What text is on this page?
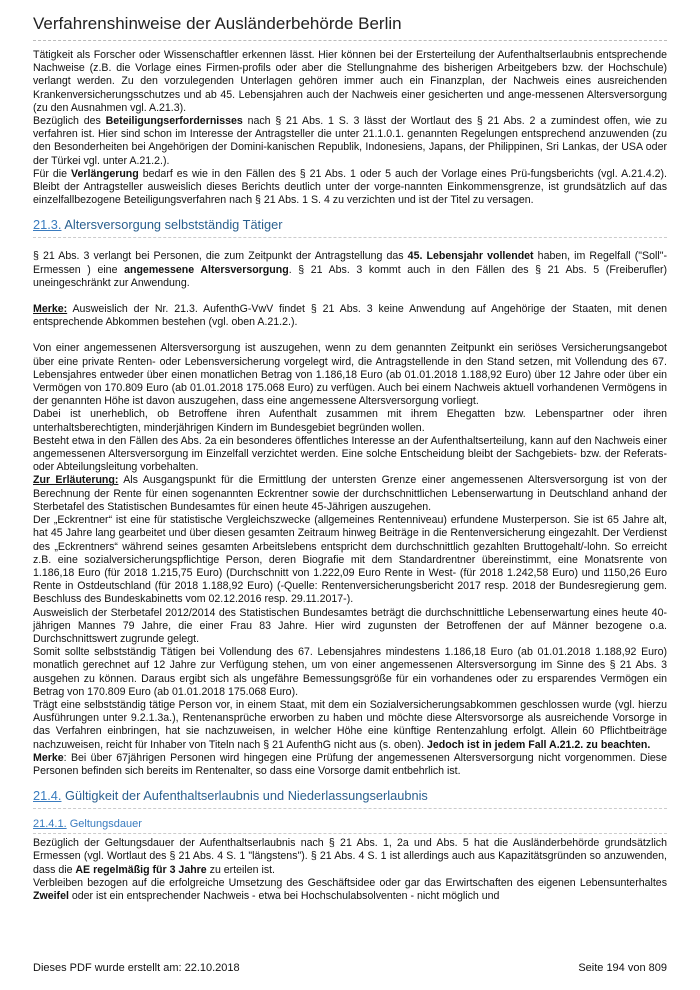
Verfahrenshinweise der Ausländerbehörde Berlin

Tätigkeit als Forscher oder Wissenschaftler erkennen lässt. Hier können bei der Ersterteilung der Aufenthaltserlaubnis entsprechende Nachweise (z.B. die Vorlage eines Firmen-profils oder aber die Stellungnahme des bisherigen Arbeitgebers bzw. der Hochschule) verlangt werden. Zu den vorzulegenden Unterlagen gehören immer auch ein Finanzplan, der Nachweis eines ausreichenden Krankenversicherungsschutzes und ab 45. Lebensjahren auch der Nachweis einer gesicherten und ange-messenen Altersversorgung (zu den Ausnahmen vgl. A.21.3).

Bezüglich des Beteiligungserfordernisses nach § 21 Abs. 1 S. 3 lässt der Wortlaut des § 21 Abs. 2 a zumindest offen, wie zu verfahren ist. Hier sind schon im Interesse der Antragsteller die unter 21.1.0.1. genannten Regelungen entsprechend anzuwenden (zu den Besonderheiten bei Angehörigen der Domini-kanischen Republik, Indonesiens, Japans, der Philippinen, Sri Lankas, der USA oder der Türkei vgl. unter A.21.2.).

Für die Verlängerung bedarf es wie in den Fällen des § 21 Abs. 1 oder 5 auch der Vorlage eines Prü-fungsberichts (vgl. A.21.4.2). Bleibt der Antragsteller ausweislich dieses Berichts deutlich unter der vorge-nannten Einkommensgrenze, ist grundsätzlich auf das einzelfallbezogene Beteiligungsverfahren nach § 21 Abs. 1 S. 4 zu verzichten und ist der Titel zu versagen.

21.3. Altersversorgung selbstständig Tätiger

§ 21 Abs. 3 verlangt bei Personen, die zum Zeitpunkt der Antragstellung das 45. Lebensjahr vollendet haben, im Regelfall ("Soll"-Ermessen ) eine angemessene Altersversorgung. § 21 Abs. 3 kommt auch in den Fällen des § 21 Abs. 5 (Freiberufler) uneingeschränkt zur Anwendung.

Merke: Ausweislich der Nr. 21.3. AufenthG-VwV findet § 21 Abs. 3 keine Anwendung auf Angehörige der Staaten, mit denen entsprechende Abkommen bestehen (vgl. oben A.21.2.).

Von einer angemessenen Altersversorgung ist auszugehen, wenn zu dem genannten Zeitpunkt ein seriöses Versicherungsangebot über eine private Renten- oder Lebensversicherung vorgelegt wird, die Antragstellende in den Stand setzen, mit Vollendung des 67. Lebensjahres entweder über einen monatlichen Betrag von 1.186,18 Euro (ab 01.01.2018 1.188,92 Euro) über 12 Jahre oder über ein Vermögen von 170.809 Euro (ab 01.01.2018 175.068 Euro) zu verfügen. Auch bei einem Nachweis aktuell vorhandenen Vermögens in der genannten Höhe ist davon auszugehen, dass eine angemessene Altersversorgung vorliegt.

Dabei ist unerheblich, ob Betroffene ihren Aufenthalt zusammen mit ihrem Ehegatten bzw. Lebenspartner oder ihren unterhaltsberechtigten, minderjährigen Kindern im Bundesgebiet begründen wollen.

Besteht etwa in den Fällen des Abs. 2a ein besonderes öffentliches Interesse an der Aufenthaltserteilung, kann auf den Nachweis einer angemessenen Altersversorgung im Einzelfall verzichtet werden. Eine solche Entscheidung bleibt der Sachgebiets- bzw. der Referats- oder Abteilungsleitung vorbehalten.

Zur Erläuterung: Als Ausgangspunkt für die Ermittlung der untersten Grenze einer angemessenen Altersversorgung ist von der Berechnung der Rente für einen sogenannten Eckrentner sowie der durchschnittlichen Lebenserwartung in Deutschland anhand der Sterbetafel des Statistischen Bundesamtes für einen heute 45-Jährigen auszugehen.

Der „Eckrentner“ ist eine für statistische Vergleichszwecke (allgemeines Rentenniveau) erfundene Musterperson. Sie ist 65 Jahre alt, hat 45 Jahre lang gearbeitet und über diesen gesamten Zeitraum hinweg Beiträge in die Rentenversicherung eingezahlt. Der Verdienst des „Eckrentners“ während seines gesamten Arbeitslebens entspricht dem durchschnittlich gezahlten Bruttogehalt/-lohn. So erreicht z.B. eine sozialversicherungspflichtige Person, deren Biografie mit dem Standardrentner übereinstimmt, eine Monatsrente von 1.186,18 Euro (für 2018 1.215,75 Euro) (Durchschnitt von 1.222,09 Euro Rente in West- (für 2018 1.242,58 Euro) und 1150,26 Euro Rente in Ostdeutschland (für 2018 1.188,92 Euro) (-Quelle: Rentenversicherungsbericht 2017 resp. 2018 der Bundesregierung gem. Beschluss des Bundeskabinetts vom 02.12.2016 resp. 29.11.2017-).

Ausweislich der Sterbetafel 2012/2014 des Statistischen Bundesamtes beträgt die durchschnittliche Lebenserwartung eines heute 40-jährigen Mannes 79 Jahre, die einer Frau 83 Jahre. Hier wird zugunsten der Betroffenen der auf Männer bezogene o.a. Durchschnittswert zugrunde gelegt.

Somit sollte selbstständig Tätigen bei Vollendung des 67. Lebensjahres mindestens 1.186,18 Euro (ab 01.01.2018 1.188,92 Euro) monatlich gerechnet auf 12 Jahre zur Verfügung stehen, um von einer angemessenen Altersversorgung im Sinne des § 21 Abs. 3 ausgehen zu können. Daraus ergibt sich als ungefähre Bemessungsgröße für ein vorhandenes oder zu ersparendes Vermögen ein Betrag von 170.809 Euro (ab 01.01.2018 175.068 Euro).

Trägt eine selbstständig tätige Person vor, in einem Staat, mit dem ein Sozialversicherungsabkommen geschlossen wurde (vgl. hierzu Ausführungen unter 9.2.1.3a.), Rentenansprüche erworben zu haben und möchte diese Altersvorsorge als ausreichende Vorsorge in das Verfahren einbringen, hat sie nachzuweisen, in welcher Höhe eine künftige Rentenzahlung erfolgt. Allein 60 Pflichtbeiträge nachzuweisen, reicht für Inhaber von Titeln nach § 21 AufenthG nicht aus (s. oben). Jedoch ist in jedem Fall A.21.2. zu beachten.

Merke: Bei über 67jährigen Personen wird hingegen eine Prüfung der angemessenen Altersversorgung nicht vorgenommen. Diese Personen befinden sich bereits im Rentenalter, so dass eine Vorsorge damit entbehrlich ist.

21.4. Gültigkeit der Aufenthaltserlaubnis und Niederlassungserlaubnis
21.4.1. Geltungsdauer

Bezüglich der Geltungsdauer der Aufenthaltserlaubnis nach § 21 Abs. 1, 2a und Abs. 5 hat die Ausländerbehörde grundsätzlich Ermessen (vgl. Wortlaut des § 21 Abs. 4 S. 1 "längstens"). § 21 Abs. 4 S. 1 ist allerdings auch aus Kapazitätsgründen so anzuwenden, dass die AE regelmäßig für 3 Jahre zu erteilen ist.

Verbleiben bezogen auf die erfolgreiche Umsetzung des Geschäftsidee oder gar das Erwirtschaften des eigenen Lebensunterhaltes Zweifel oder ist ein entsprechender Nachweis - etwa bei Hochschulabsolventen - nicht möglich und

Dieses PDF wurde erstellt am: 22.10.2018	Seite 194 von 809
